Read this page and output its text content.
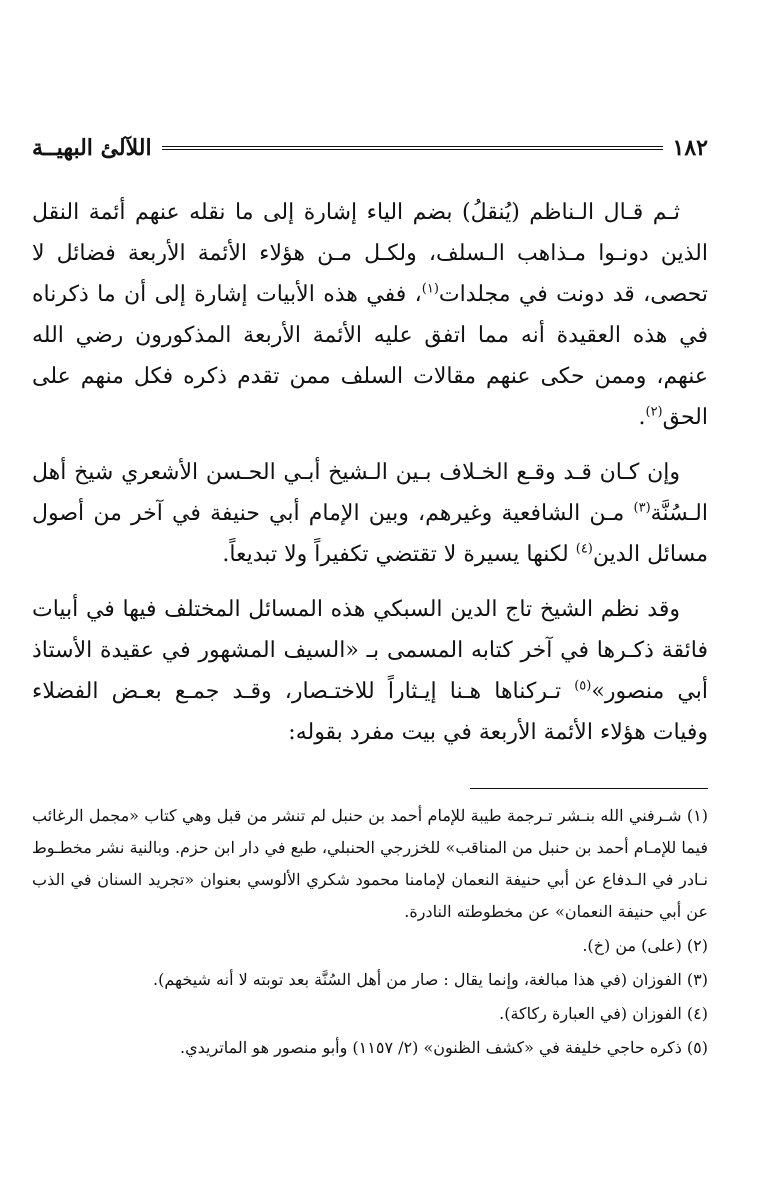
اللآلئ البهيــة	١٨٢

ثـم قـال الـناظم (يُنقلُ) بضم الياء إشارة إلى ما نقله عنهم أئمة النقل الذين دونـوا مـذاهب الـسلف، ولكـل مـن هؤلاء الأئمة الأربعة فضائل لا تحصى، قد دونت في مجلدات$^{(١)}$، ففي هذه الأبيات إشارة إلى أن ما ذكرناه في هذه العقيدة أنه مما اتفق عليه الأئمة الأربعة المذكورون رضي الله عنهم، وممن حكى عنهم مقالات السلف ممن تقدم ذكره فكل منهم على الحق$^{(٢)}$.

وإن كـان قـد وقـع الخـلاف بـين الـشيخ أبـي الحـسن الأشعري شيخ أهل الـسُنَّة$^{(٣)}$ مـن الشافعية وغيرهم، وبين الإمام أبي حنيفة في آخر من أصول مسائل الدين$^{(٤)}$ لكنها يسيرة لا تقتضي تكفيراً ولا تبديعاً.

وقد نظم الشيخ تاج الدين السبكي هذه المسائل المختلف فيها في أبيات فائقة ذكـرها في آخر كتابه المسمى بـ «السيف المشهور في عقيدة الأستاذ أبي منصور»$^{(٥)}$ تـركناها هـنا إيـثاراً للاختـصار، وقـد جمـع بعـض الفضلاء وفيات هؤلاء الأئمة الأربعة في بيت مفرد بقوله:

(١) شـرفني الله بنـشر تـرجمة طيبة للإمام أحمد بن حنبل لم تنشر من قبل وهي كتاب «مجمل الرغائب فيما للإمـام أحمد بن حنبل من المناقب» للخزرجي الحنبلي، طبع في دار ابن حزم. وبالنية نشر مخطـوط نـادر في الـدفاع عن أبي حنيفة النعمان لإمامنا محمود شكري الألوسي بعنوان «تجريد السنان في الذب عن أبي حنيفة النعمان» عن مخطوطته النادرة.
(٢) (على) من (خ).
(٣) الفوزان (في هذا مبالغة، وإنما يقال : صار من أهل السُنَّة بعد توبته لا أنه شيخهم).
(٤) الفوزان (في العبارة ركاكة).
(٥) ذكره حاجي خليفة في «كشف الظنون» (٢/ ١١٥٧) وأبو منصور هو الماتريدي.
